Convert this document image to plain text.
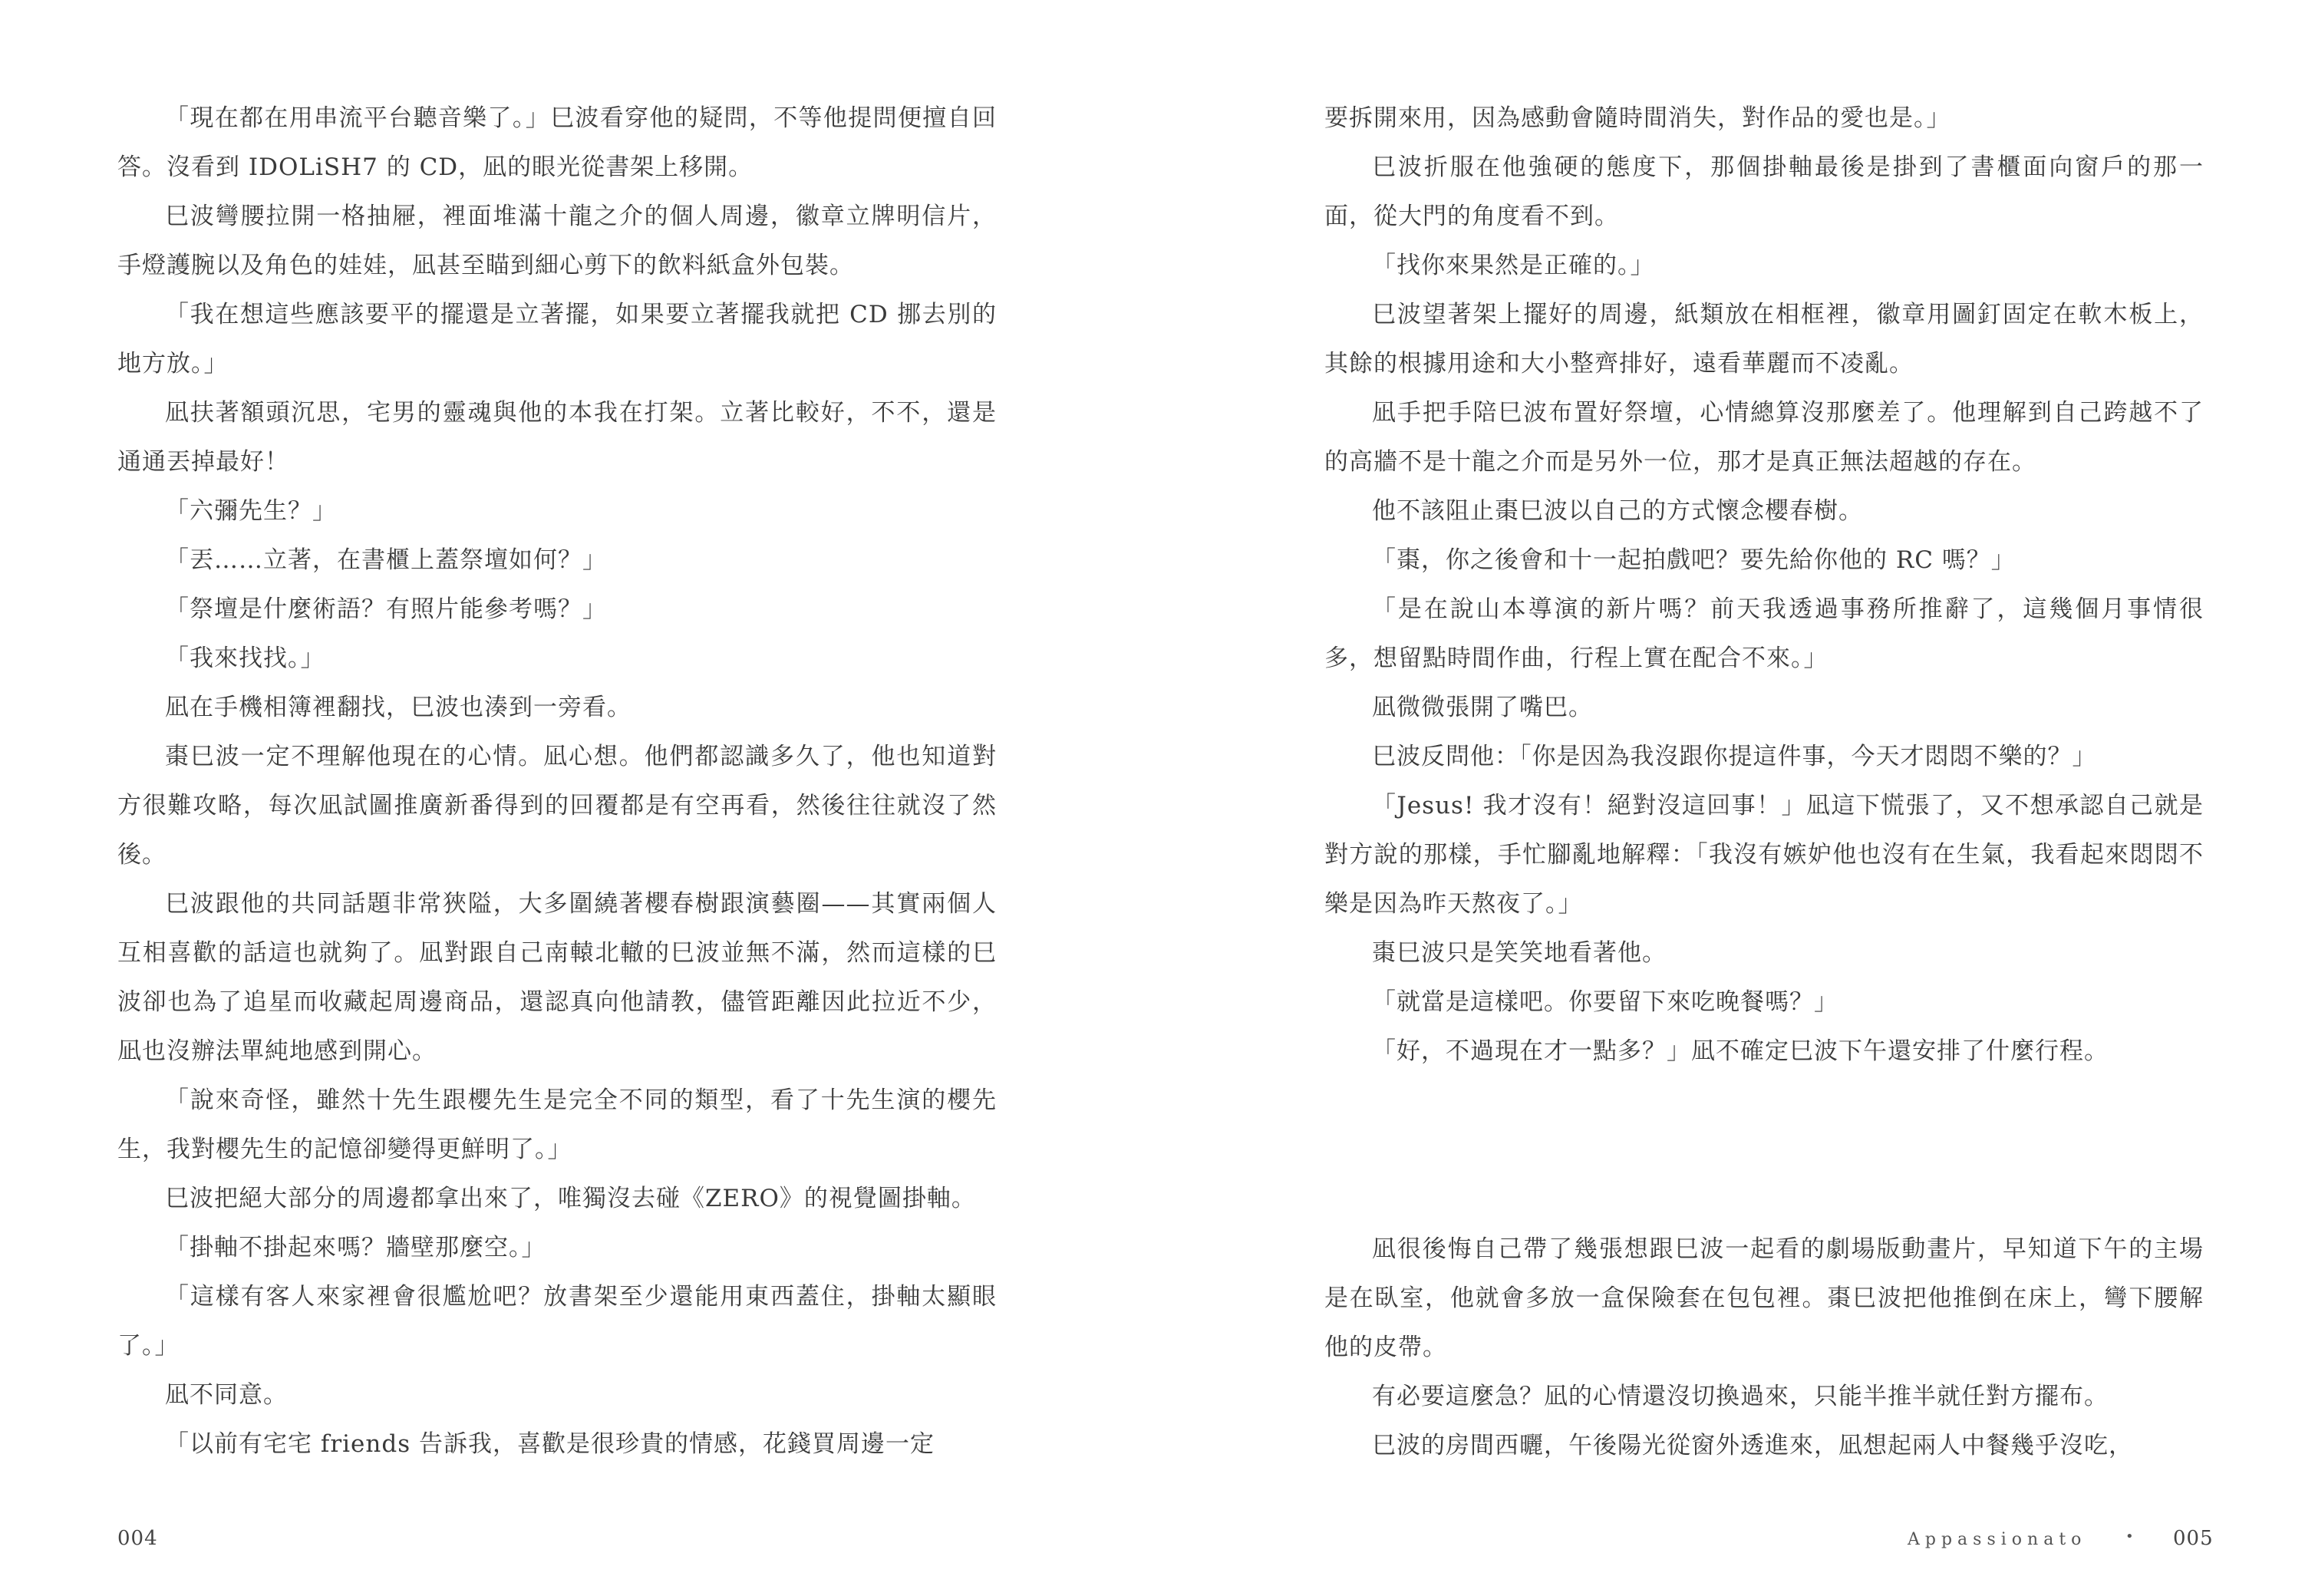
「現在都在用串流平台聽音樂了。」巳波看穿他的疑問，不等他提問便擅自回答。沒看到 IDOLiSH7 的 CD，凪的眼光從書架上移開。

巳波彎腰拉開一格抽屜，裡面堆滿十龍之介的個人周邊，徽章立牌明信片，手燈護腕以及角色的娃娃，凪甚至瞄到細心剪下的飲料紙盒外包裝。

「我在想這些應該要平的擺還是立著擺，如果要立著擺我就把 CD 挪去別的地方放。」

凪扶著額頭沉思，宅男的靈魂與他的本我在打架。立著比較好，不不，還是通通丟掉最好！

「六彌先生？」

「丟……立著，在書櫃上蓋祭壇如何？」

「祭壇是什麼術語？有照片能參考嗎？」

「我來找找。」

凪在手機相簿裡翻找，巳波也湊到一旁看。

棗巳波一定不理解他現在的心情。凪心想。他們都認識多久了，他也知道對方很難攻略，每次凪試圖推廣新番得到的回覆都是有空再看，然後往往就沒了然後。

巳波跟他的共同話題非常狹隘，大多圍繞著櫻春樹跟演藝圈——其實兩個人互相喜歡的話這也就夠了。凪對跟自己南轅北轍的巳波並無不滿，然而這樣的巳波卻也為了追星而收藏起周邊商品，還認真向他請教，儘管距離因此拉近不少，凪也沒辦法單純地感到開心。

「說來奇怪，雖然十先生跟櫻先生是完全不同的類型，看了十先生演的櫻先生，我對櫻先生的記憶卻變得更鮮明了。」

巳波把絕大部分的周邊都拿出來了，唯獨沒去碰《ZERO》的視覺圖掛軸。

「掛軸不掛起來嗎？牆壁那麼空。」

「這樣有客人來家裡會很尷尬吧？放書架至少還能用東西蓋住，掛軸太顯眼了。」

凪不同意。

「以前有宅宅 friends 告訴我，喜歡是很珍貴的情感，花錢買周邊一定

004

要拆開來用，因為感動會隨時間消失，對作品的愛也是。」

巳波折服在他強硬的態度下，那個掛軸最後是掛到了書櫃面向窗戶的那一面，從大門的角度看不到。

「找你來果然是正確的。」

巳波望著架上擺好的周邊，紙類放在相框裡，徽章用圖釘固定在軟木板上，其餘的根據用途和大小整齊排好，遠看華麗而不凌亂。

凪手把手陪巳波布置好祭壇，心情總算沒那麼差了。他理解到自己跨越不了的高牆不是十龍之介而是另外一位，那才是真正無法超越的存在。

他不該阻止棗巳波以自己的方式懷念櫻春樹。

「棗，你之後會和十一起拍戲吧？要先給你他的 RC 嗎？」

「是在說山本導演的新片嗎？前天我透過事務所推辭了，這幾個月事情很多，想留點時間作曲，行程上實在配合不來。」

凪微微張開了嘴巴。

巳波反問他：「你是因為我沒跟你提這件事，今天才悶悶不樂的？」

「Jesus! 我才沒有！絕對沒這回事！」凪這下慌張了，又不想承認自己就是對方說的那樣，手忙腳亂地解釋：「我沒有嫉妒他也沒有在生氣，我看起來悶悶不樂是因為昨天熬夜了。」

棗巳波只是笑笑地看著他。

「就當是這樣吧。你要留下來吃晚餐嗎？」

「好，不過現在才一點多？」凪不確定巳波下午還安排了什麼行程。

凪很後悔自己帶了幾張想跟巳波一起看的劇場版動畫片，早知道下午的主場是在臥室，他就會多放一盒保險套在包包裡。棗巳波把他推倒在床上，彎下腰解他的皮帶。

有必要這麼急？凪的心情還沒切換過來，只能半推半就任對方擺布。

巳波的房間西曬，午後陽光從窗外透進來，凪想起兩人中餐幾乎沒吃，

Appassionato	• 005
